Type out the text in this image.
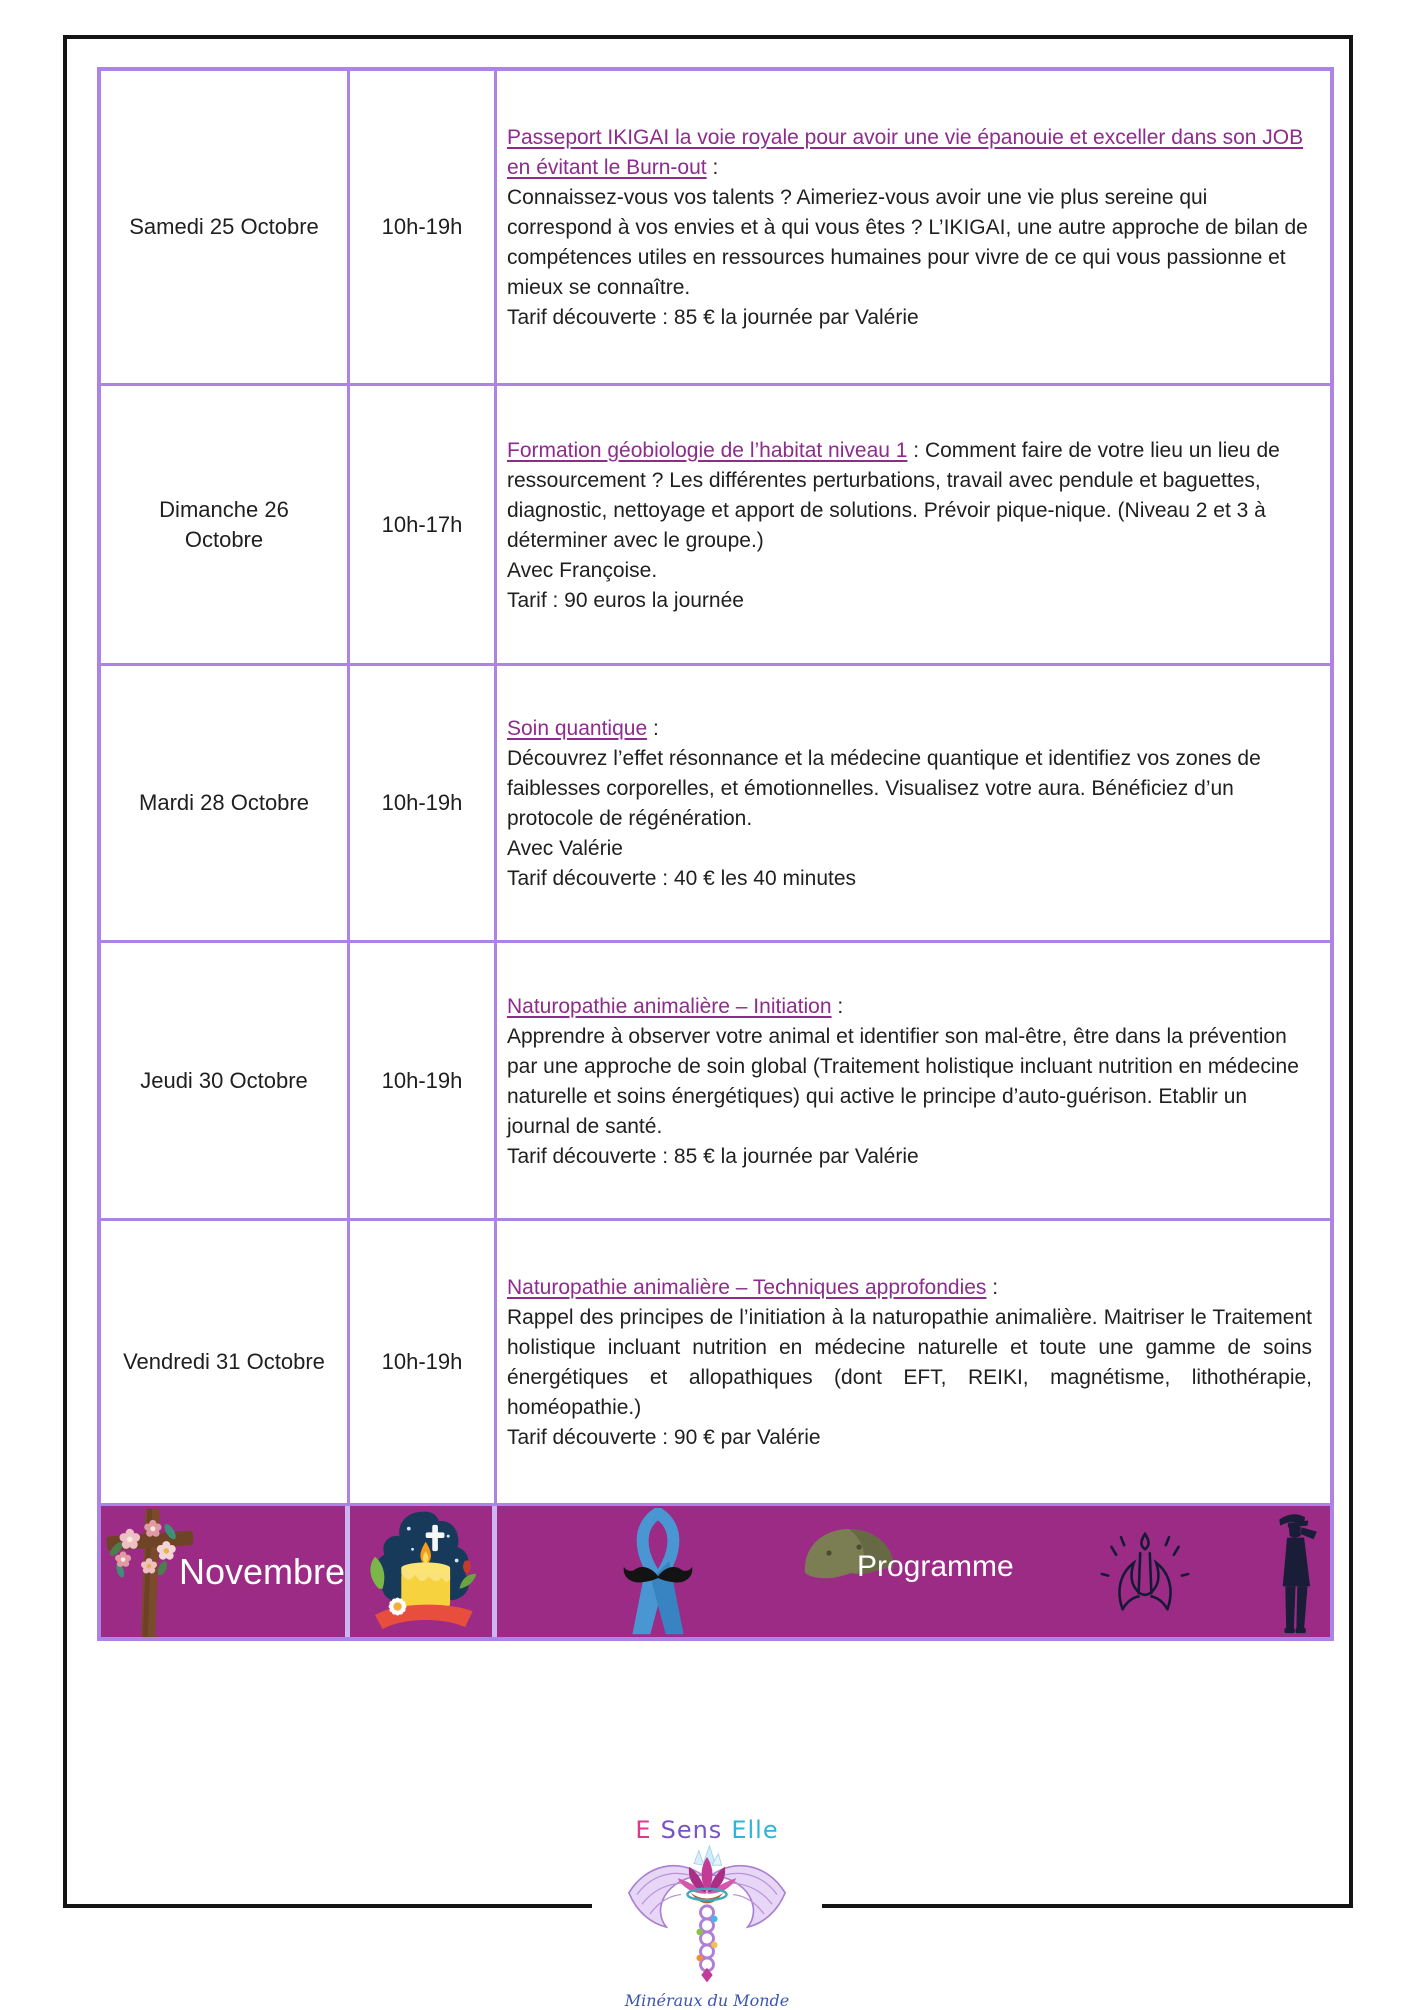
Samedi 25 Octobre	10h-19h

Passeport IKIGAI la voie royale pour avoir une vie épanouie et exceller dans son JOB en évitant le Burn-out :

Connaissez-vous vos talents ? Aimeriez-vous avoir une vie plus sereine qui correspond à vos envies et à qui vous êtes ? L’IKIGAI, une autre approche de bilan de compétences utiles en ressources humaines pour vivre de ce qui vous passionne et mieux se connaître.

Tarif découverte : 85 € la journée par Valérie

Dimanche 26 Octobre
10h-17h

Formation géobiologie de l’habitat niveau 1 : Comment faire de votre lieu un lieu de ressourcement ? Les différentes perturbations, travail avec pendule et baguettes, diagnostic, nettoyage et apport de solutions. Prévoir pique-nique. (Niveau 2 et 3 à déterminer avec le groupe.)

Avec Françoise.

Tarif : 90 euros la journée

Mardi 28 Octobre	10h-19h

Soin quantique :

Découvrez l’effet résonnance et la médecine quantique et identifiez vos zones de faiblesses corporelles, et émotionnelles. Visualisez votre aura. Bénéficiez d’un protocole de régénération.

Avec Valérie

Tarif découverte : 40 € les 40 minutes

Jeudi 30 Octobre	10h-19h

Naturopathie animalière – Initiation :

Apprendre à observer votre animal et identifier son mal-être, être dans la prévention par une approche de soin global (Traitement holistique incluant nutrition en médecine naturelle et soins énergétiques) qui active le principe d’auto-guérison. Etablir un journal de santé.

Tarif découverte : 85 € la journée par Valérie

Vendredi 31 Octobre	10h-19h

Naturopathie animalière – Techniques approfondies :

Rappel des principes de l’initiation à la naturopathie animalière. Maitriser le Traitement holistique incluant nutrition en médecine naturelle et toute une gamme de soins énergétiques et allopathiques (dont EFT, REIKI, magnétisme, lithothérapie, homéopathie.)

Tarif découverte : 90 € par Valérie

Novembre	Programme
E Sens Elle
Minéraux du Monde
